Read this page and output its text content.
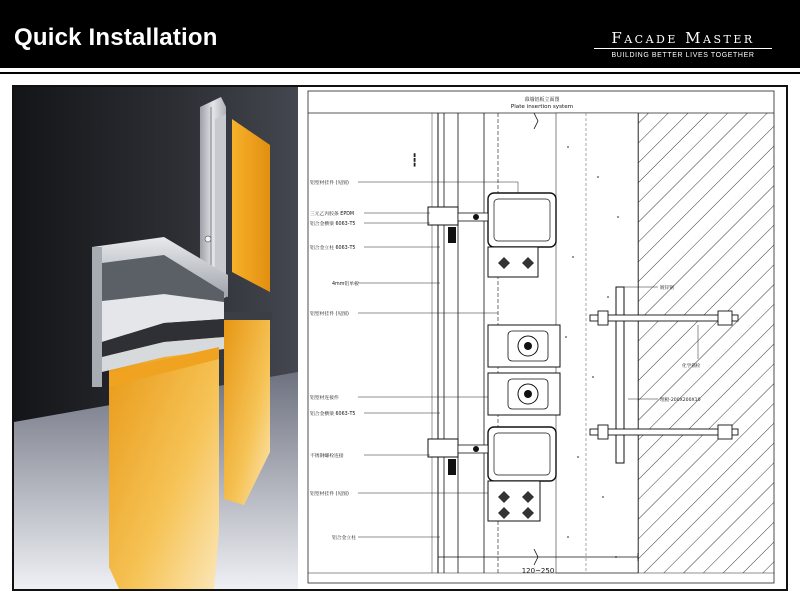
Quick Installation	Facade Master
BUILDING BETTER LIVES TOGETHER
幕墙铝板立面图
Plate insertion system
▬▬▬
铝型材挂件 (见图)
三元乙丙胶条 EPDM
铝合金横梁 6063-T5
铝合金立柱 6063-T5
4mm铝单板
铝型材挂件 (见图)
铝型材连接件
铝合金横梁 6063-T5
不锈钢螺栓连接
铝型材挂件 (见图)
铝合金立柱
镀锌钢
化学锚栓
埋板-200X200X10
120~250
